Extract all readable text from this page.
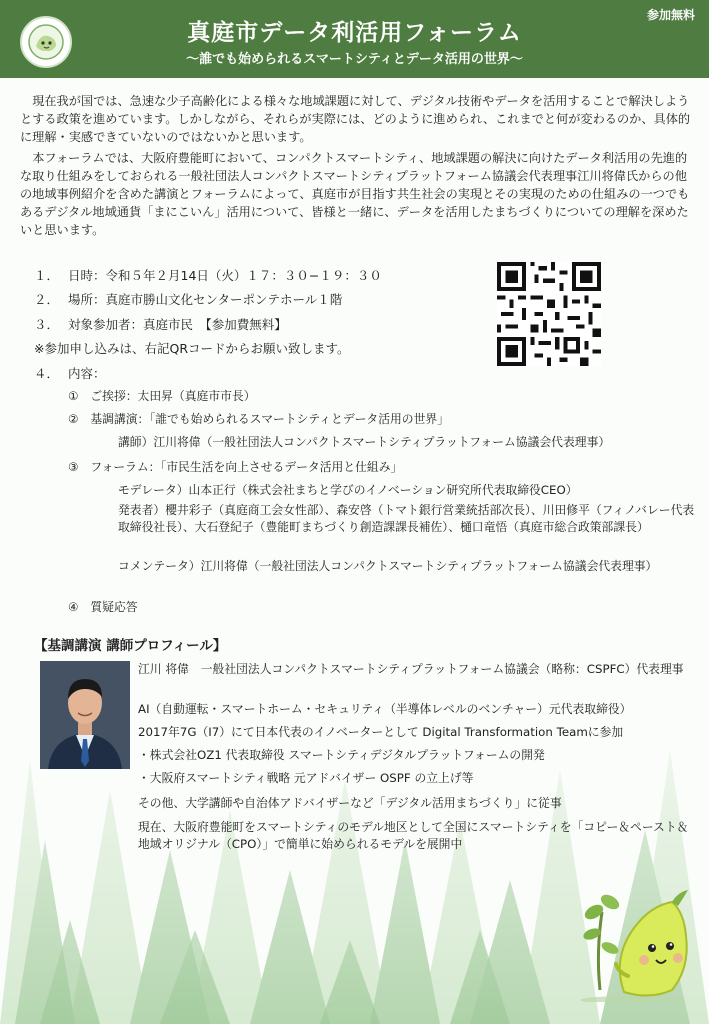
真庭市データ利活用フォーラム
～誰でも始められるスマートシティとデータ活用の世界～
参加無料

現在我が国では、急速な少子高齢化による様々な地域課題に対して、デジタル技術やデータを活用することで解決しようとする政策を進めています。しかしながら、それらが実際には、どのように進められ、これまでと何が変わるのか、具体的に理解・実感できていないのではないかと思います。

本フォーラムでは、大阪府豊能町において、コンパクトスマートシティ、地域課題の解決に向けたデータ利活用の先進的な取り仕組みをしておられる一般社団法人コンパクトスマートシティプラットフォーム協議会代表理事江川将偉氏からの他の地域事例紹介を含めた講演とフォーラムによって、真庭市が目指す共生社会の実現とその実現のための仕組みの一つでもあるデジタル地域通貨「まにこいん」活用について、皆様と一緒に、データを活用したまちづくりについての理解を深めたいと思います。

１． 日時：令和５年２月14日（火）１７：３０−１９：３０
２． 場所：真庭市勝山文化センターポンテホール１階
３． 対象参加者：真庭市民　【参加費無料】
※参加申し込みは、右記QRコードからお願い致します。
４． 内容：
①　ご挨拶：太田昇（真庭市市長）
②　基調講演：「誰でも始められるスマートシティとデータ活用の世界」
講師）江川将偉（一般社団法人コンパクトスマートシティプラットフォーム協議会代表理事）
③　フォーラム：「市民生活を向上させるデータ活用と仕組み」
モデレータ）山本正行（株式会社まちと学びのイノベーション研究所代表取締役CEO）
発表者）櫻井彩子（真庭商工会女性部）、森安啓（トマト銀行営業統括部次長）、川田修平（フィノバレー代表取締役社長）、大石登紀子（豊能町まちづくり創造課課長補佐）、樋口竜悟（真庭市総合政策部課長）
コメンテータ）江川将偉（一般社団法人コンパクトスマートシティプラットフォーム協議会代表理事）
④　質疑応答
【基調講演 講師プロフィール】
江川 将偉　一般社団法人コンパクトスマートシティプラットフォーム協議会（略称：CSPFC）代表理事
AI（自動運転・スマートホーム・セキュリティ（半導体レベルのベンチャー）元代表取締役）
2017年7G（I7）にて日本代表のイノベーターとして Digital Transformation Teamに参加
・株式会社OZ1 代表取締役 スマートシティデジタルプラットフォームの開発
・大阪府スマートシティ戦略 元アドバイザー OSPF の立上げ等
その他、大学講師や自治体アドバイザーなど「デジタル活用まちづくり」に従事
現在、大阪府豊能町をスマートシティのモデル地区として全国にスマートシティを「コピー＆ペースト＆地域オリジナル（CPO）」で簡単に始められるモデルを展開中
